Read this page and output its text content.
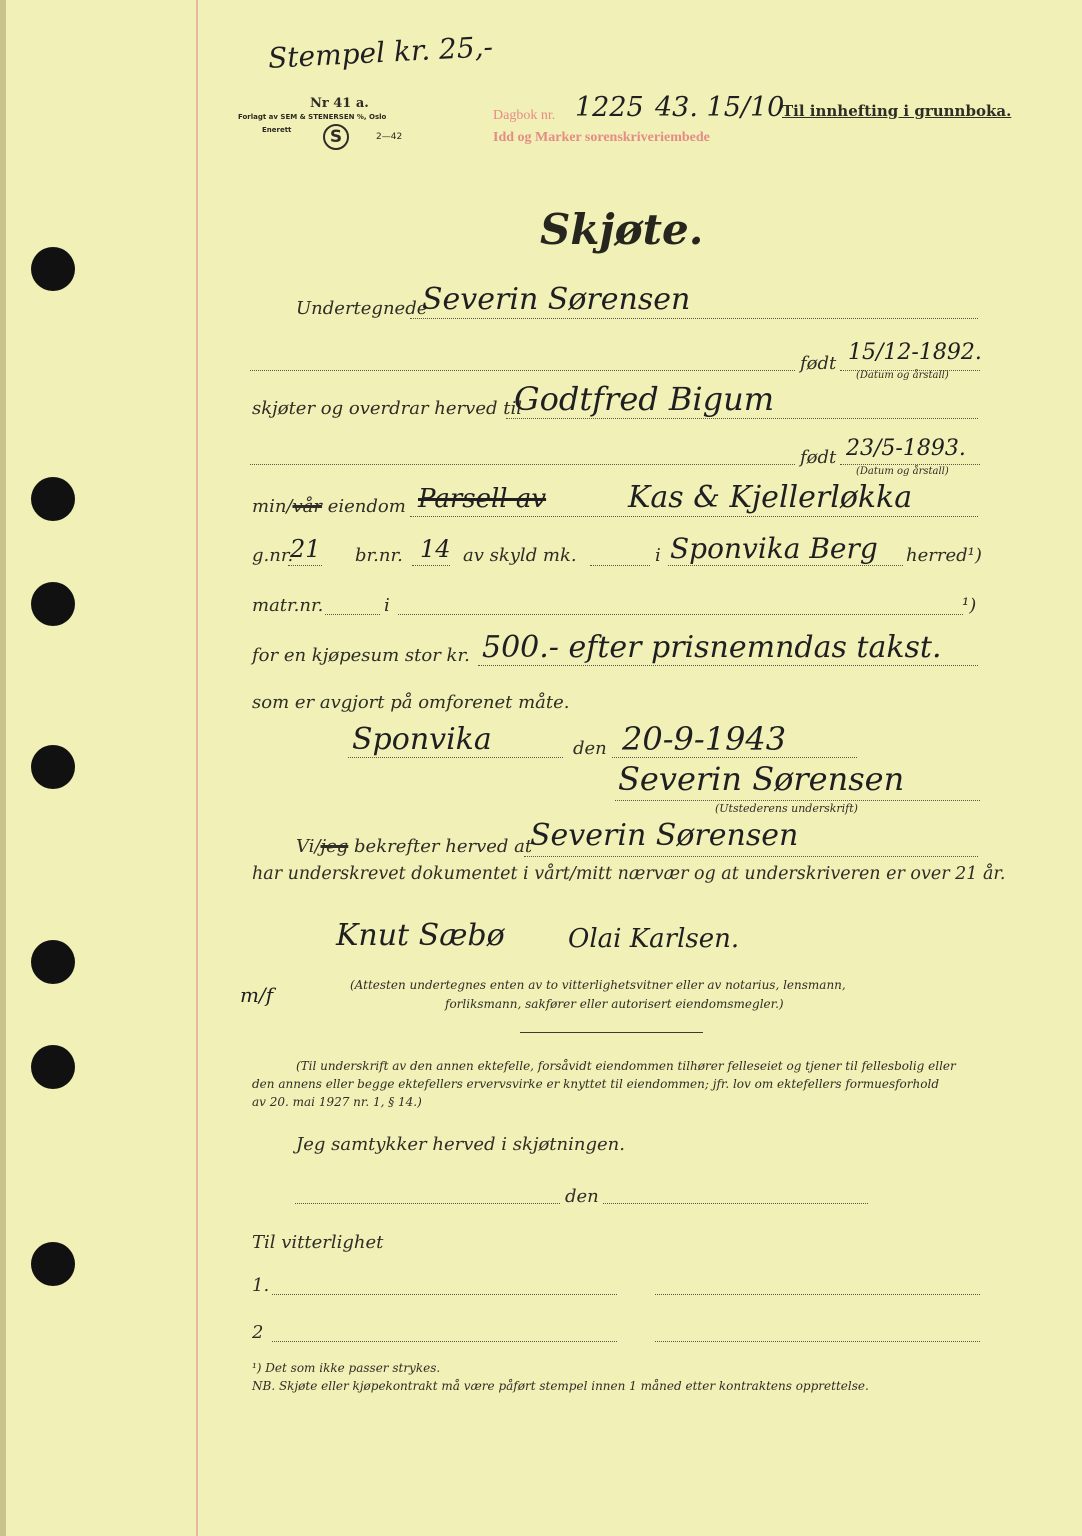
Stempel kr. 25,-
Nr 41 a.
Forlagt av SEM & STENERSEN %, Oslo
Enerett	S	2—42
Dagbok nr. 1225 43. 15/10
Idd og Marker sorenskriveriembede
Til innhefting i grunnboka.
Skjøte.
Undertegnede
Severin Sørensen
født 15/12-1892.
(Datum og årstall)
skjøter og overdrar herved til
Godtfred Bigum
født 23/5-1893.
(Datum og årstall)
min/vår eiendom Parsell av	Kas & Kjellerløkka
g.nr.
21 br.nr. 14 av skyld mk.	i Sponvika Berg herred¹)
matr.nr.	i	¹)
for en kjøpesum stor kr. 500.- efter prisnemndas takst.
som er avgjort på omforenet måte.
Sponvika	den 20-9-1943
Severin Sørensen
(Utstederens underskrift)
Vi/jeg bekrefter herved at
Severin Sørensen
har underskrevet dokumentet i vårt/mitt nærvær og at underskriveren er over 21 år.
Knut Sæbø Olai Karlsen.
m/f	(Attesten undertegnes enten av to vitterlighetsvitner eller av notarius, lensmann,
forliksmann, sakfører eller autorisert eiendomsmegler.)
(Til underskrift av den annen ektefelle, forsåvidt eiendommen tilhører felleseiet og tjener til fellesbolig eller
den annens eller begge ektefellers ervervsvirke er knyttet til eiendommen; jfr. lov om ektefellers formuesforhold
av 20. mai 1927 nr. 1, § 14.)
Jeg samtykker herved i skjøtningen.
den
Til vitterlighet
1.
2
¹) Det som ikke passer strykes.
NB. Skjøte eller kjøpekontrakt må være påført stempel innen 1 måned etter kontraktens opprettelse.
